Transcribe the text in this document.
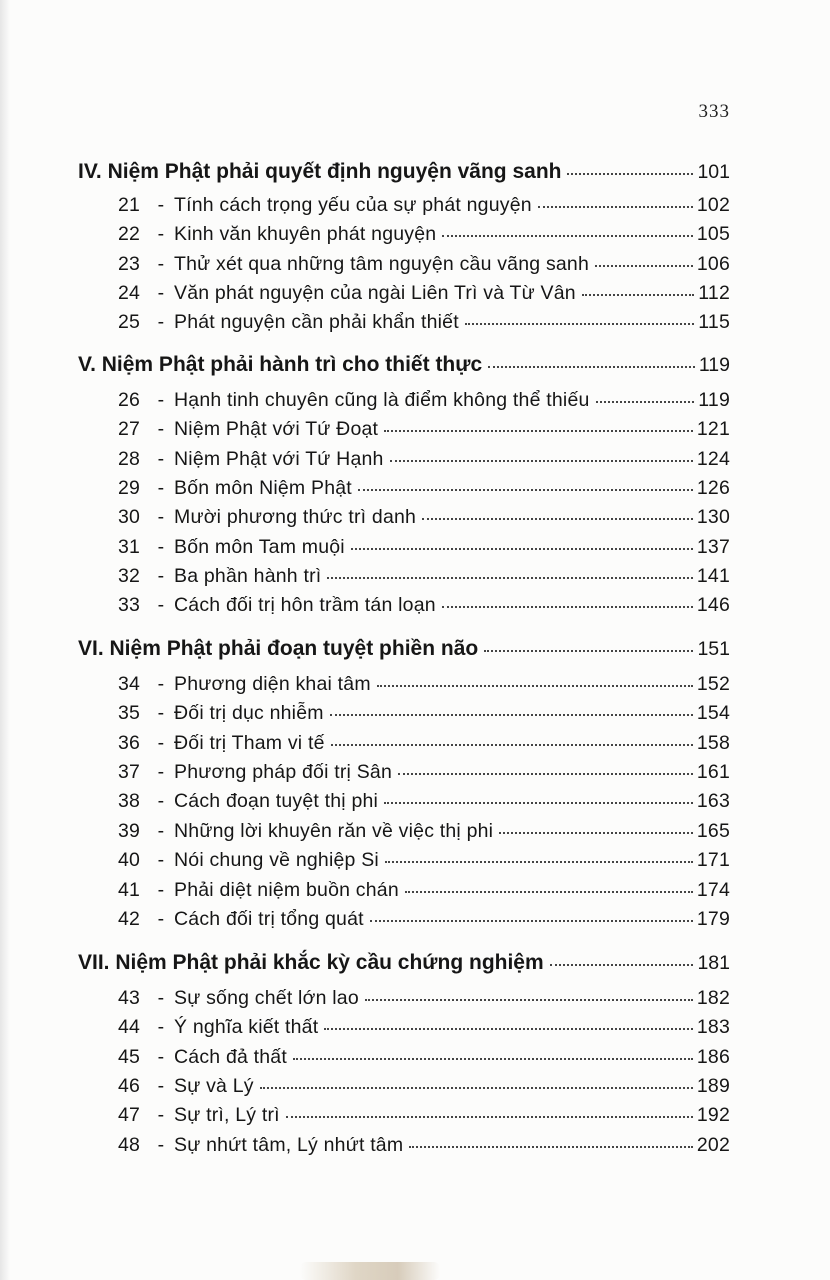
333
IV. Niệm Phật phải quyết định nguyện vãng sanh	101
21 - Tính cách trọng yếu của sự phát nguyện	102
22 - Kinh văn khuyên phát nguyện	105
23 - Thử xét qua những tâm nguyện cầu vãng sanh	106
24 - Văn phát nguyện của ngài Liên Trì và Từ Vân	112
25 - Phát nguyện cần phải khẩn thiết	115
V. Niệm Phật phải hành trì cho thiết thực	119
26 - Hạnh tinh chuyên cũng là điểm không thể thiếu	119
27 - Niệm Phật với Tứ Đoạt	121
28 - Niệm Phật với Tứ Hạnh	124
29 - Bốn môn Niệm Phật	126
30 - Mười phương thức trì danh	130
31 - Bốn môn Tam muội	137
32 - Ba phần hành trì	141
33 - Cách đối trị hôn trầm tán loạn	146
VI. Niệm Phật phải đoạn tuyệt phiền não	151
34 - Phương diện khai tâm	152
35 - Đối trị dục nhiễm	154
36 - Đối trị Tham vi tế	158
37 - Phương pháp đối trị Sân	161
38 - Cách đoạn tuyệt thị phi	163
39 - Những lời khuyên răn về việc thị phi	165
40 - Nói chung về nghiệp Si	171
41 - Phải diệt niệm buồn chán	174
42 - Cách đối trị tổng quát	179
VII. Niệm Phật phải khắc kỳ cầu chứng nghiệm	181
43 - Sự sống chết lớn lao	182
44 - Ý nghĩa kiết thất	183
45 - Cách đả thất	186
46 - Sự và Lý	189
47 - Sự trì, Lý trì	192
48 - Sự nhứt tâm, Lý nhứt tâm	202
